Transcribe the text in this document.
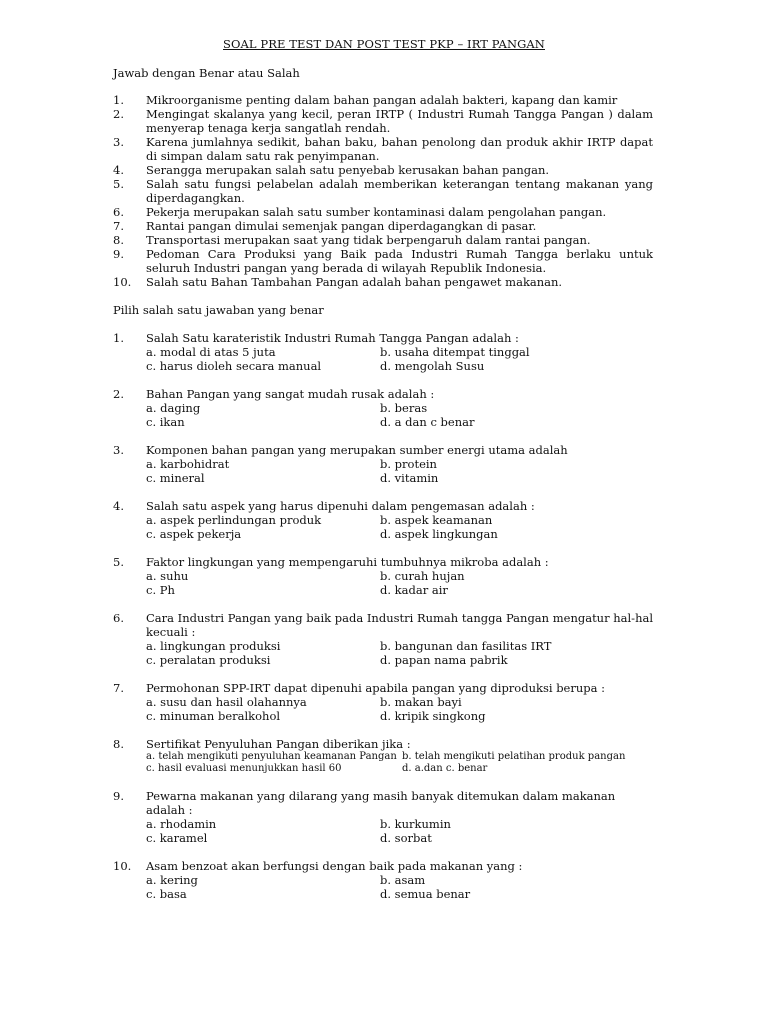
SOAL PRE TEST DAN POST TEST PKP – IRT PANGAN
Jawab dengan Benar atau Salah
1.	Mikroorganisme penting dalam bahan pangan adalah bakteri, kapang dan kamir
2.	Mengingat skalanya yang kecil, peran IRTP ( Industri Rumah Tangga Pangan ) dalam menyerap tenaga kerja sangatlah rendah.
3.	Karena jumlahnya sedikit, bahan baku, bahan penolong dan produk akhir IRTP dapat di simpan dalam satu rak penyimpanan.
4.	Serangga merupakan salah satu penyebab kerusakan bahan pangan.
5.	Salah satu fungsi pelabelan adalah memberikan keterangan tentang makanan yang diperdagangkan.
6.	Pekerja merupakan salah satu sumber kontaminasi dalam pengolahan pangan.
7.	Rantai pangan dimulai semenjak pangan diperdagangkan di pasar.
8.	Transportasi merupakan saat yang tidak berpengaruh dalam rantai pangan.
9.	Pedoman Cara Produksi yang Baik pada Industri Rumah Tangga berlaku untuk seluruh Industri pangan yang berada di wilayah Republik Indonesia.
10.	Salah satu Bahan Tambahan Pangan adalah bahan pengawet makanan.
Pilih salah satu jawaban yang benar
1.	Salah Satu karateristik Industri Rumah Tangga Pangan adalah :
a. modal di atas 5 juta	b. usaha ditempat tinggal
c. harus dioleh secara manual	d. mengolah Susu
2.	Bahan Pangan yang sangat mudah rusak adalah :
a. daging	b. beras
c. ikan	d. a dan c benar
3.	Komponen bahan pangan yang merupakan sumber energi utama adalah
a. karbohidrat	b. protein
c. mineral	d. vitamin
4.	Salah satu aspek yang harus dipenuhi dalam pengemasan adalah :
a. aspek perlindungan produk	b. aspek keamanan
c. aspek pekerja	d. aspek lingkungan
5.	Faktor lingkungan yang mempengaruhi tumbuhnya mikroba adalah :
a. suhu	b. curah hujan
c. Ph	d. kadar air
6.	Cara Industri Pangan yang baik pada Industri Rumah tangga Pangan mengatur hal-hal kecuali :
a. lingkungan produksi	b. bangunan dan fasilitas IRT
c. peralatan produksi	d. papan nama pabrik
7.	Permohonan SPP-IRT dapat dipenuhi apabila pangan yang diproduksi berupa :
a. susu dan hasil olahannya	b. makan bayi
c. minuman beralkohol	d. kripik singkong
8.	Sertifikat Penyuluhan Pangan diberikan jika :
a. telah mengikuti penyuluhan keamanan Pangan b. telah mengikuti pelatihan produk pangan
c. hasil evaluasi menunjukkan hasil 60	d. a.dan c. benar
9.	Pewarna makanan yang dilarang yang masih banyak ditemukan dalam makanan adalah :
a. rhodamin	b. kurkumin
c. karamel	d. sorbat
10.	Asam benzoat akan berfungsi dengan baik pada makanan yang :
a. kering	b. asam
c. basa	d. semua benar
